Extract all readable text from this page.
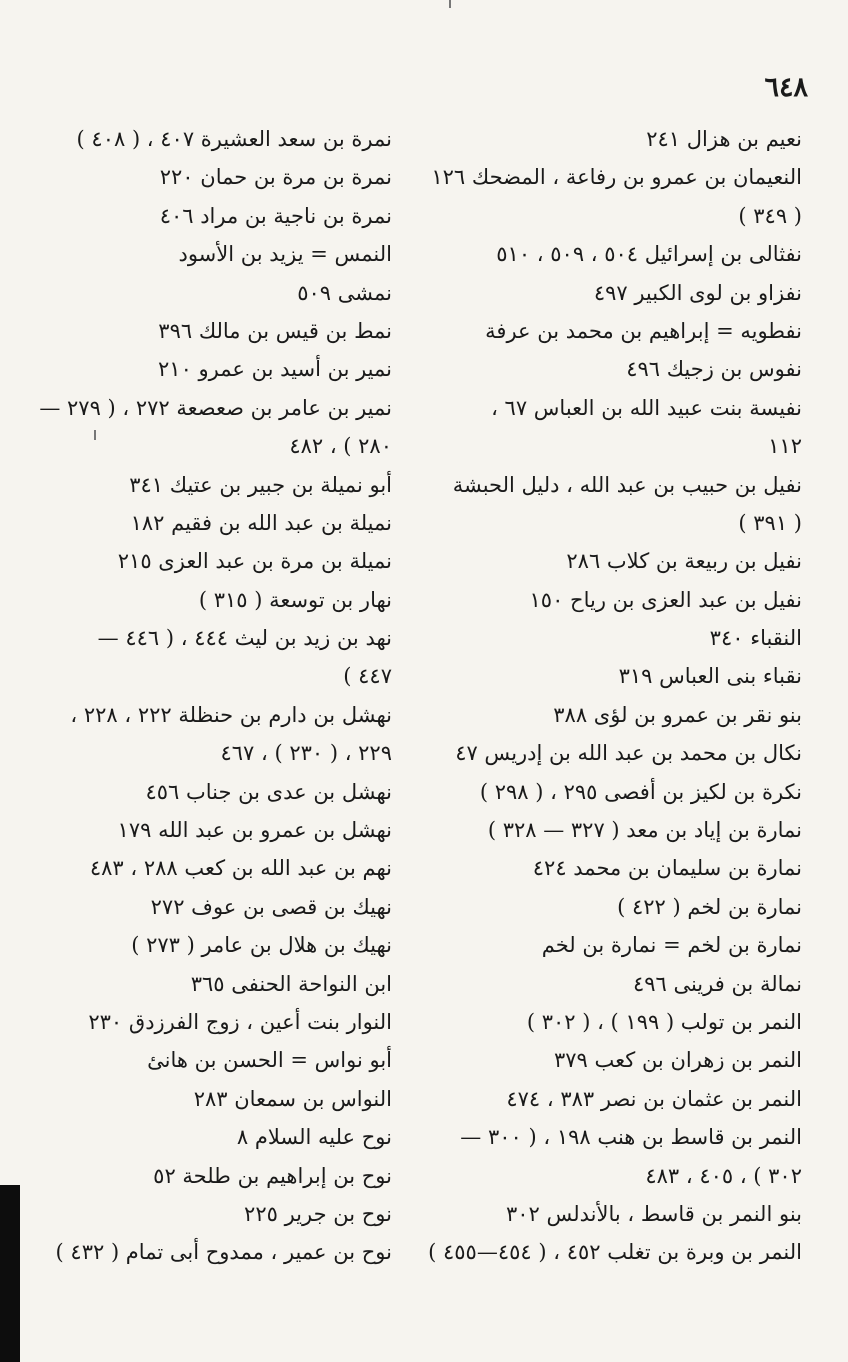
٦٤٨
نعيم بن هزال ٢٤١
النعيمان بن عمرو بن رفاعة ، المضحك ١٢٦
( ٣٤٩ )
نفثالى بن إسرائيل ٥٠٤ ، ٥٠٩ ، ٥١٠
نفزاو بن لوى الكبير ٤٩٧
نفطويه = إبراهيم بن محمد بن عرفة
نفوس بن زجيك ٤٩٦
نفيسة بنت عبيد الله بن العباس ٦٧ ،
١١٢
نفيل بن حبيب بن عبد الله ، دليل الحبشة
( ٣٩١ )
نفيل بن ربيعة بن كلاب ٢٨٦
نفيل بن عبد العزى بن رياح ١٥٠
النقباء ٣٤٠
نقباء بنى العباس ٣١٩
بنو نقر بن عمرو بن لؤى ٣٨٨
نكال بن محمد بن عبد الله بن إدريس ٤٧
نكرة بن لكيز بن أفصى ٢٩٥ ، ( ٢٩٨ )
نمارة بن إياد بن معد ( ٣٢٧ — ٣٢٨ )
نمارة بن سليمان بن محمد ٤٢٤
نمارة بن لخم ( ٤٢٢ )
نمارة بن لخم = نمارة بن لخم
نمالة بن فرينى ٤٩٦
النمر بن تولب ( ١٩٩ ) ، ( ٣٠٢ )
النمر بن زهران بن كعب ٣٧٩
النمر بن عثمان بن نصر ٣٨٣ ، ٤٧٤
النمر بن قاسط بن هنب ١٩٨ ، ( ٣٠٠ —
٣٠٢ ) ، ٤٠٥ ، ٤٨٣
بنو النمر بن قاسط ، بالأندلس ٣٠٢
النمر بن وبرة بن تغلب ٤٥٢ ، ( ٤٥٤—٤٥٥ )
نمرة بن سعد العشيرة ٤٠٧ ، ( ٤٠٨ )
نمرة بن مرة بن حمان ٢٢٠
نمرة بن ناجية بن مراد ٤٠٦
النمس = يزيد بن الأسود
نمشى ٥٠٩
نمط بن قيس بن مالك ٣٩٦
نمير بن أسيد بن عمرو ٢١٠
نمير بن عامر بن صعصعة ٢٧٢ ، ( ٢٧٩ —
٢٨٠ ) ، ٤٨٢
أبو نميلة بن جبير بن عتيك ٣٤١
نميلة بن عبد الله بن فقيم ١٨٢
نميلة بن مرة بن عبد العزى ٢١٥
نهار بن توسعة ( ٣١٥ )
نهد بن زيد بن ليث ٤٤٤ ، ( ٤٤٦ —
٤٤٧ )
نهشل بن دارم بن حنظلة ٢٢٢ ، ٢٢٨ ،
٢٢٩ ، ( ٢٣٠ ) ، ٤٦٧
نهشل بن عدى بن جناب ٤٥٦
نهشل بن عمرو بن عبد الله ١٧٩
نهم بن عبد الله بن كعب ٢٨٨ ، ٤٨٣
نهيك بن قصى بن عوف ٢٧٢
نهيك بن هلال بن عامر ( ٢٧٣ )
ابن النواحة الحنفى ٣٦٥
النوار بنت أعين ، زوج الفرزدق ٢٣٠
أبو نواس = الحسن بن هانئ
النواس بن سمعان ٢٨٣
نوح عليه السلام ٨
نوح بن إبراهيم بن طلحة ٥٢
نوح بن جرير ٢٢٥
نوح بن عمير ، ممدوح أبى تمام ( ٤٣٢ )
